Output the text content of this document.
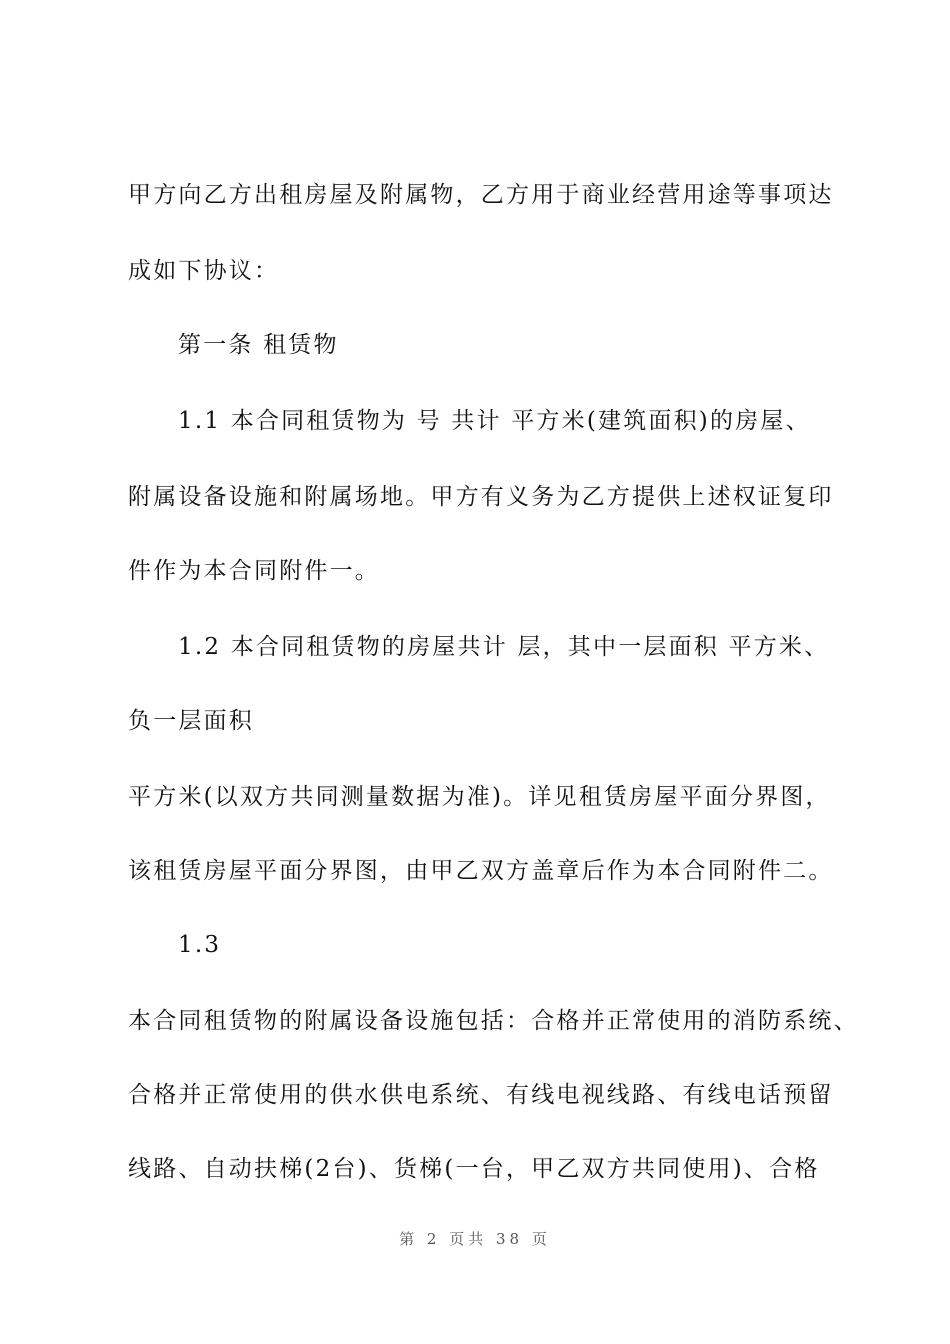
甲方向乙方出租房屋及附属物，乙方用于商业经营用途等事项达
成如下协议：
第一条 租赁物
1.1 本合同租赁物为 号 共计 平方米(建筑面积)的房屋、
附属设备设施和附属场地。甲方有义务为乙方提供上述权证复印
件作为本合同附件一。
1.2 本合同租赁物的房屋共计 层，其中一层面积 平方米、
负一层面积
平方米(以双方共同测量数据为准)。详见租赁房屋平面分界图，
该租赁房屋平面分界图，由甲乙双方盖章后作为本合同附件二。
1.3
本合同租赁物的附属设备设施包括：合格并正常使用的消防系统、
合格并正常使用的供水供电系统、有线电视线路、有线电话预留
线路、自动扶梯(2台)、货梯(一台，甲乙双方共同使用)、合格
第 2 页共 38 页
